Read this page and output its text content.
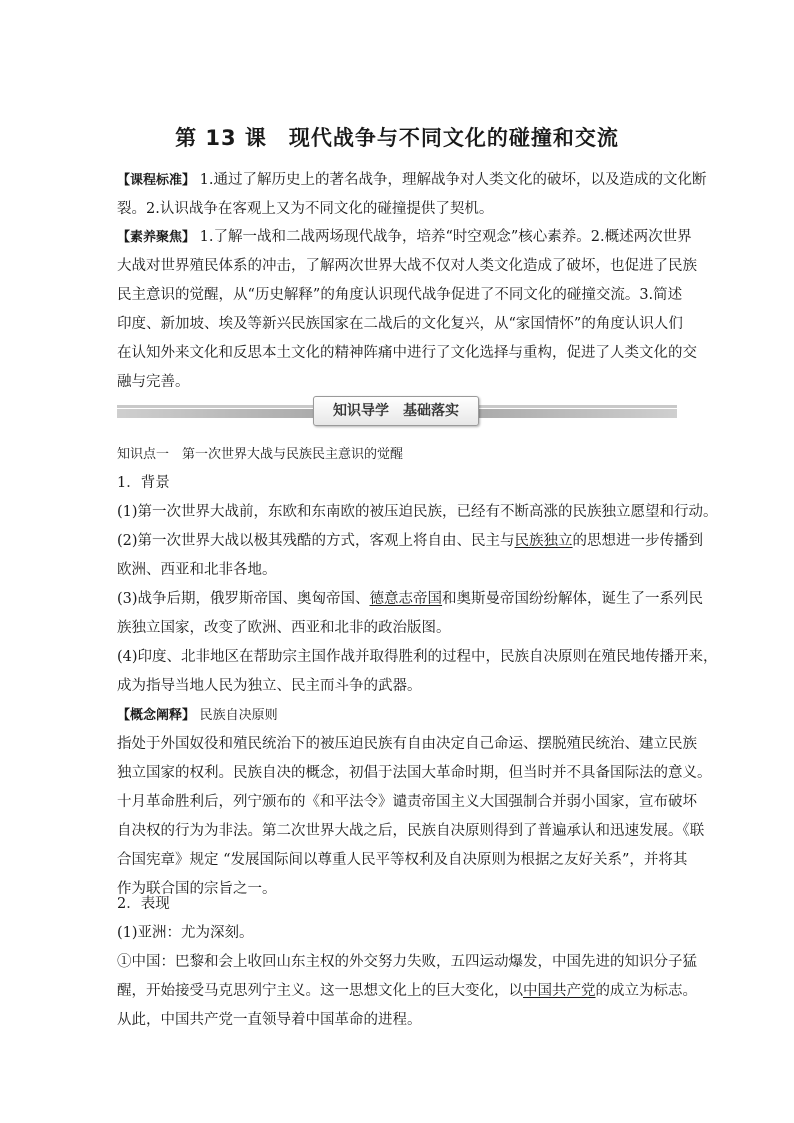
第 13 课　现代战争与不同文化的碰撞和交流
【课程标准】 1.通过了解历史上的著名战争，理解战争对人类文化的破坏，以及造成的文化断
裂。2.认识战争在客观上又为不同文化的碰撞提供了契机。
【素养聚焦】 1.了解一战和二战两场现代战争，培养“时空观念”核心素养。2.概述两次世界
大战对世界殖民体系的冲击，了解两次世界大战不仅对人类文化造成了破坏，也促进了民族
民主意识的觉醒，从“历史解释”的角度认识现代战争促进了不同文化的碰撞交流。3.简述
印度、新加坡、埃及等新兴民族国家在二战后的文化复兴，从“家国情怀”的角度认识人们
在认知外来文化和反思本土文化的精神阵痛中进行了文化选择与重构，促进了人类文化的交
融与完善。
知识导学　基础落实
知识点一　第一次世界大战与民族民主意识的觉醒
1．背景
(1)第一次世界大战前，东欧和东南欧的被压迫民族，已经有不断高涨的民族独立愿望和行动。
(2)第一次世界大战以极其残酷的方式，客观上将自由、民主与民族独立的思想进一步传播到
欧洲、西亚和北非各地。
(3)战争后期，俄罗斯帝国、奥匈帝国、德意志帝国和奥斯曼帝国纷纷解体，诞生了一系列民
族独立国家，改变了欧洲、西亚和北非的政治版图。
(4)印度、北非地区在帮助宗主国作战并取得胜利的过程中，民族自决原则在殖民地传播开来，
成为指导当地人民为独立、民主而斗争的武器。
【概念阐释】 民族自决原则
指处于外国奴役和殖民统治下的被压迫民族有自由决定自己命运、摆脱殖民统治、建立民族
独立国家的权利。民族自决的概念，初倡于法国大革命时期，但当时并不具备国际法的意义。
十月革命胜利后，列宁颁布的《和平法令》谴责帝国主义大国强制合并弱小国家，宣布破坏
自决权的行为为非法。第二次世界大战之后，民族自决原则得到了普遍承认和迅速发展。《联
合国宪章》规定 “发展国际间以尊重人民平等权利及自决原则为根据之友好关系”，并将其
作为联合国的宗旨之一。
2．表现
(1)亚洲：尤为深刻。
①中国：巴黎和会上收回山东主权的外交努力失败，五四运动爆发，中国先进的知识分子猛
醒，开始接受马克思列宁主义。这一思想文化上的巨大变化，以中国共产党的成立为标志。
从此，中国共产党一直领导着中国革命的进程。
